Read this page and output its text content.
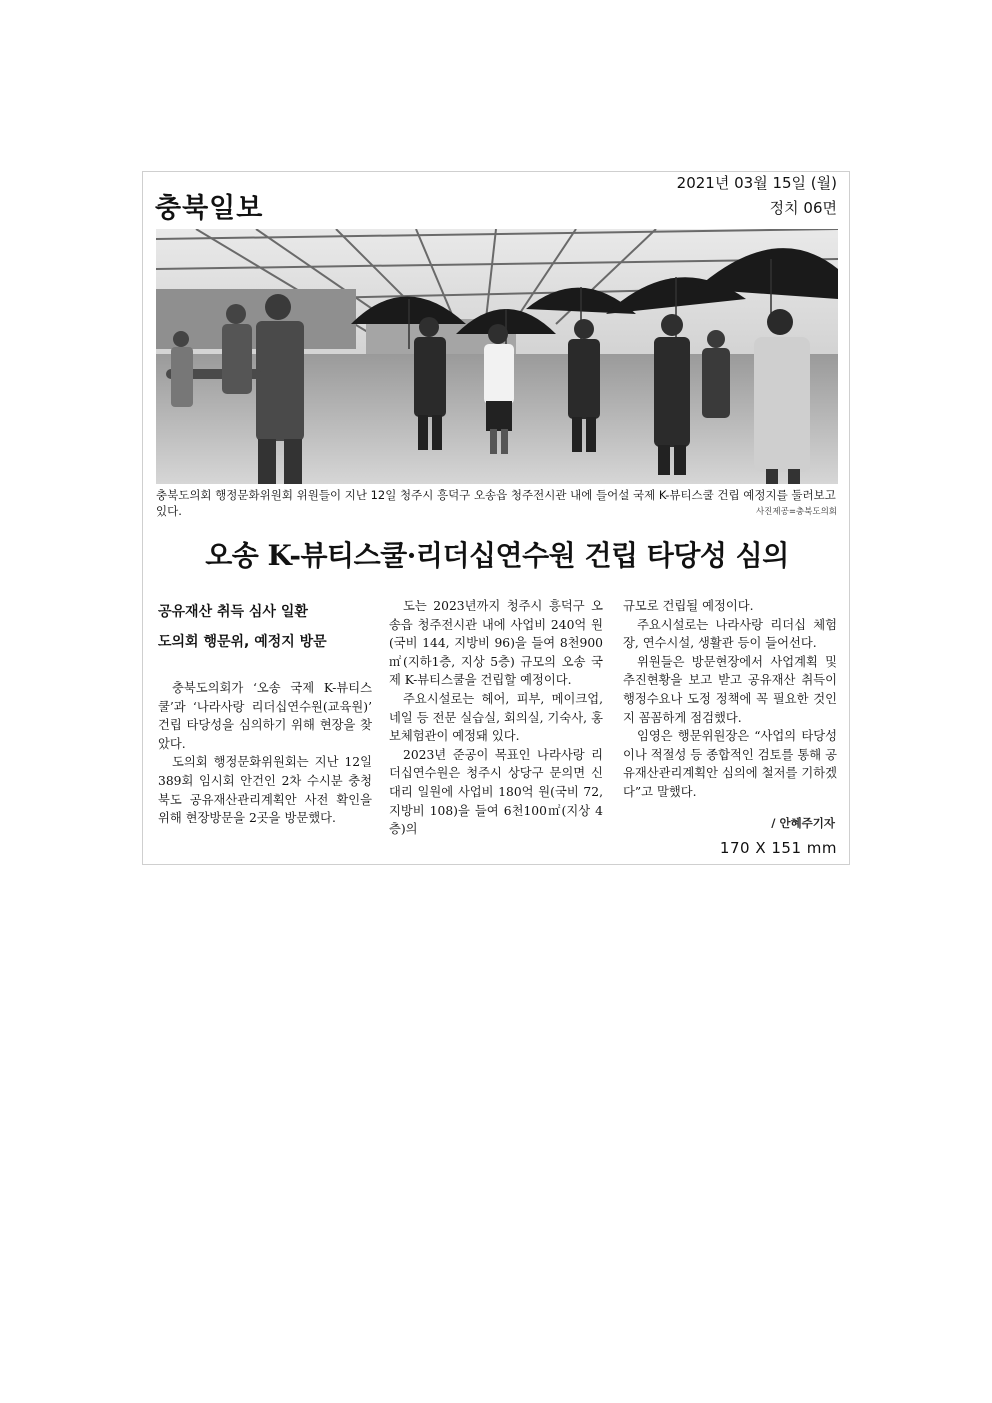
충북일보
2021년 03월 15일 (월)
정치 06면
충북도의회 행정문화위원회 위원들이 지난 12일 청주시 흥덕구 오송읍 청주전시관 내에 들어설 국제 K-뷰티스쿨 건립 예정지를 둘러보고 있다.	사진제공=충북도의회
오송 K-뷰티스쿨·리더십연수원 건립 타당성 심의

공유재산 취득 심사 일환

도의회 행문위, 예정지 방문

충북도의회가 ‘오송 국제 K-뷰티스쿨’과 ‘나라사랑 리더십연수원(교육원)’ 건립 타당성을 심의하기 위해 현장을 찾았다.

도의회 행정문화위원회는 지난 12일 389회 임시회 안건인 2차 수시분 충청북도 공유재산관리계획안 사전 확인을 위해 현장방문을 2곳을 방문했다.

도는 2023년까지 청주시 흥덕구 오송읍 청주전시관 내에 사업비 240억 원(국비 144, 지방비 96)을 들여 8천900㎡(지하1층, 지상 5층) 규모의 오송 국제 K-뷰티스쿨을 건립할 예정이다.

주요시설로는 헤어, 피부, 메이크업, 네일 등 전문 실습실, 회의실, 기숙사, 홍보체험관이 예정돼 있다.

2023년 준공이 목표인 나라사랑 리더십연수원은 청주시 상당구 문의면 신대리 일원에 사업비 180억 원(국비 72, 지방비 108)을 들여 6천100㎡(지상 4층)의

규모로 건립될 예정이다.

주요시설로는 나라사랑 리더십 체험장, 연수시설, 생활관 등이 들어선다.

위원들은 방문현장에서 사업계획 및 추진현황을 보고 받고 공유재산 취득이 행정수요나 도정 정책에 꼭 필요한 것인지 꼼꼼하게 점검했다.

임영은 행문위원장은 “사업의 타당성이나 적절성 등 종합적인 검토를 통해 공유재산관리계획안 심의에 철저를 기하겠다”고 말했다.

/ 안혜주기자
170 X 151 mm
